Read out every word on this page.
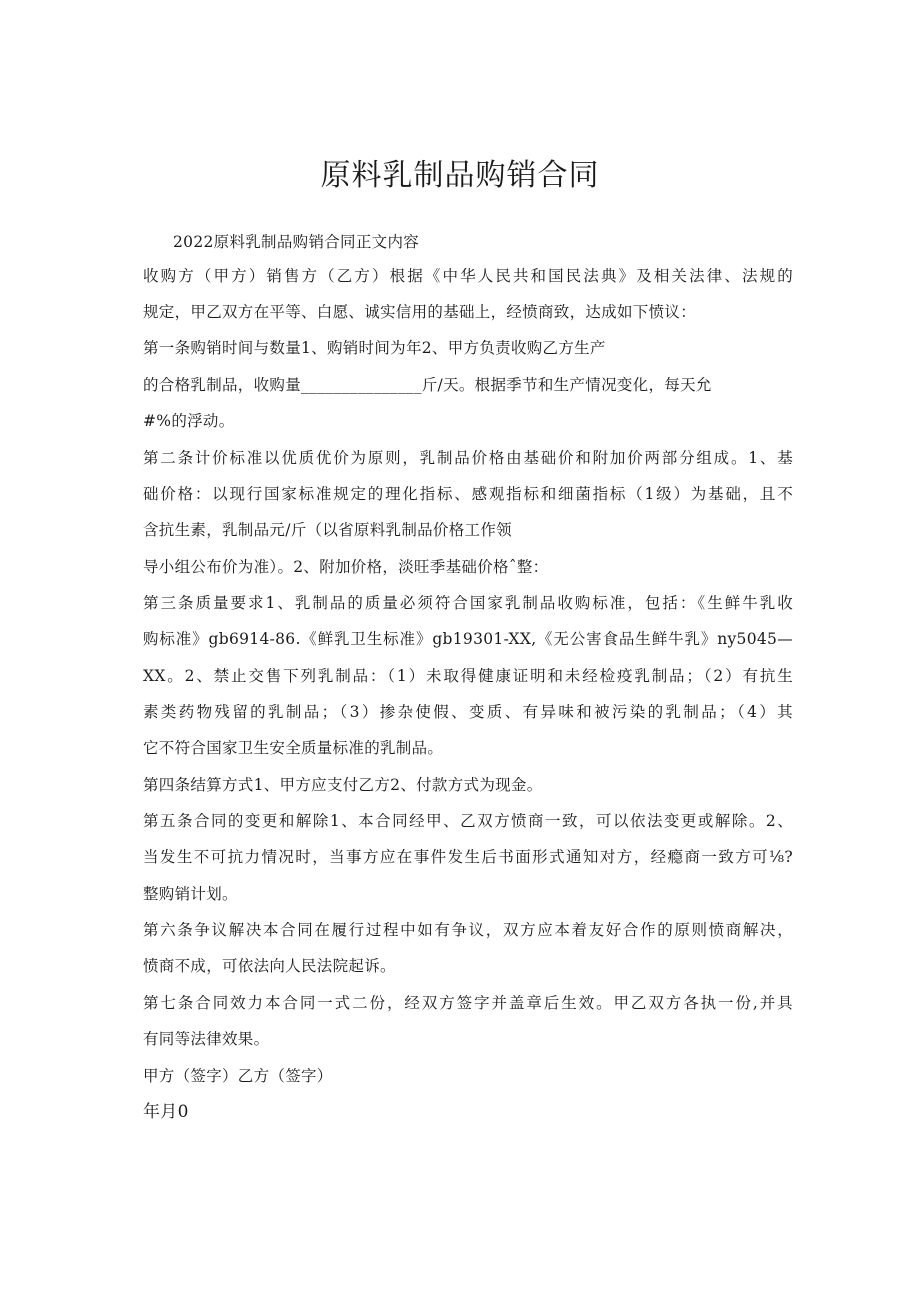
原料乳制品购销合同

2022原料乳制品购销合同正文内容

收购方（甲方）销售方（乙方）根据《中华人民共和国民法典》及相关法律、法规的

规定，甲乙双方在平等、白愿、诚实信用的基础上，经愤商致，达成如下愤议：

第一条购销时间与数量1、购销时间为年2、甲方负责收购乙方生产

的合格乳制品，收购量_______________斤/天。根据季节和生产情况变化，每天允

#%的浮动。

第二条计价标准以优质优价为原则，乳制品价格由基础价和附加价两部分组成。1、基

础价格：以现行国家标准规定的理化指标、感观指标和细菌指标（1级）为基础，且不

含抗生素，乳制品元/斤（以省原料乳制品价格工作领

导小组公布价为准）。2、附加价格，淡旺季基础价格ˆ整：

第三条质量要求1、乳制品的质量必须符合国家乳制品收购标准，包括：《生鲜牛乳收

购标准》gb6914-86.《鲜乳卫生标准》gb19301-XX,《无公害食品生鲜牛乳》ny5045—

XX。2、禁止交售下列乳制品：（1）未取得健康证明和未经检疫乳制品；（2）有抗生

素类药物残留的乳制品；（3）掺杂使假、变质、有异味和被污染的乳制品；（4）其

它不符合国家卫生安全质量标准的乳制品。

第四条结算方式1、甲方应支付乙方2、付款方式为现金。

第五条合同的变更和解除1、本合同经甲、乙双方愤商一致，可以依法变更或解除。2、

当发生不可抗力情况时，当事方应在事件发生后书面形式通知对方，经瘾商一致方可⅛?

整购销计划。

第六条争议解决本合同在履行过程中如有争议，双方应本着友好合作的原则愤商解决，

愤商不成，可依法向人民法院起诉。

第七条合同效力本合同一式二份，经双方签字并盖章后生效。甲乙双方各执一份,并具

有同等法律效果。

甲方（签字）乙方（签字）

年月0
